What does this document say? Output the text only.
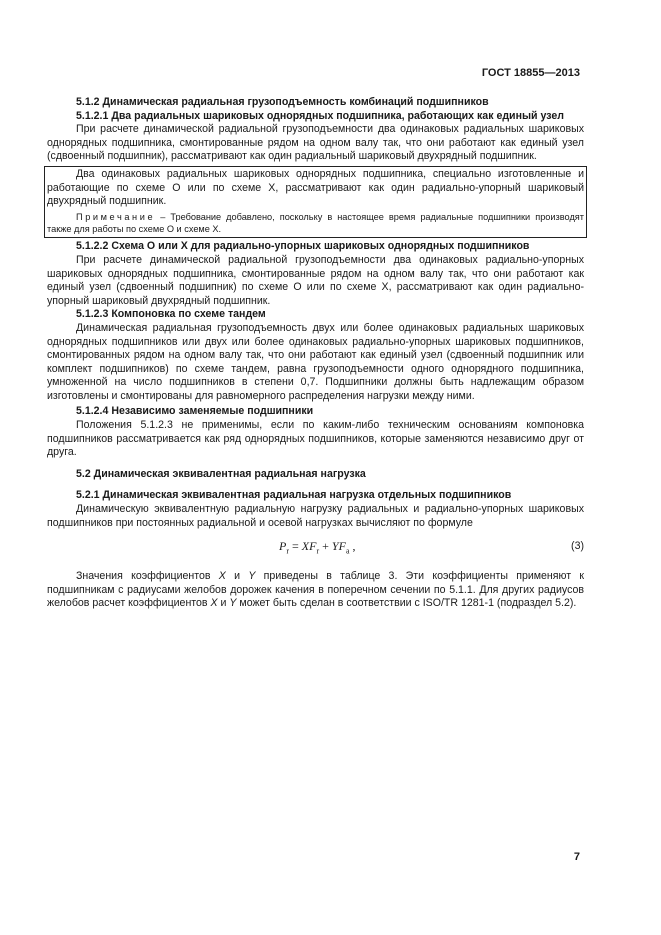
ГОСТ 18855—2013

5.1.2 Динамическая радиальная грузоподъемность комбинаций подшипников

5.1.2.1 Два радиальных шариковых однорядных подшипника, работающих как единый узел

При расчете динамической радиальной грузоподъемности два одинаковых радиальных шариковых однорядных подшипника, смонтированные рядом на одном валу так, что они работают как единый узел (сдвоенный подшипник), рассматривают как один радиальный шариковый двухрядный подшипник.

Два одинаковых радиальных шариковых однорядных подшипника, специально изготовленные и работающие по схеме О или по схеме X, рассматривают как один радиально-упорный шариковый двухрядный подшипник.

Примечание – Требование добавлено, поскольку в настоящее время радиальные подшипники производят также для работы по схеме О и схеме X.

5.1.2.2 Схема О или X для радиально-упорных шариковых однорядных подшипников

При расчете динамической радиальной грузоподъемности два одинаковых радиально-упорных шариковых однорядных подшипника, смонтированные рядом на одном валу так, что они работают как единый узел (сдвоенный подшипник) по схеме О или по схеме X, рассматривают как один радиально-упорный шариковый двухрядный подшипник.

5.1.2.3 Компоновка по схеме тандем

Динамическая радиальная грузоподъемность двух или более одинаковых радиальных шариковых однорядных подшипников или двух или более одинаковых радиально-упорных шариковых подшипников, смонтированных рядом на одном валу так, что они работают как единый узел (сдвоенный подшипник или комплект подшипников) по схеме тандем, равна грузоподъемности одного однорядного подшипника, умноженной на число подшипников в степени 0,7. Подшипники должны быть надлежащим образом изготовлены и смонтированы для равномерного распределения нагрузки между ними.

5.1.2.4 Независимо заменяемые подшипники

Положения 5.1.2.3 не применимы, если по каким-либо техническим основаниям компоновка подшипников рассматривается как ряд однорядных подшипников, которые заменяются независимо друг от друга.

5.2 Динамическая эквивалентная радиальная нагрузка

5.2.1 Динамическая эквивалентная радиальная нагрузка отдельных подшипников

Динамическую эквивалентную радиальную нагрузку радиальных и радиально-упорных шариковых подшипников при постоянных радиальной и осевой нагрузках вычисляют по формуле

$P_r = XF_r + YF_a$ ,	(3)

Значения коэффициентов X и Y приведены в таблице 3. Эти коэффициенты применяют к подшипникам с радиусами желобов дорожек качения в поперечном сечении по 5.1.1. Для других радиусов желобов расчет коэффициентов X и Y может быть сделан в соответствии с ISO/TR 1281-1 (подраздел 5.2).

7
